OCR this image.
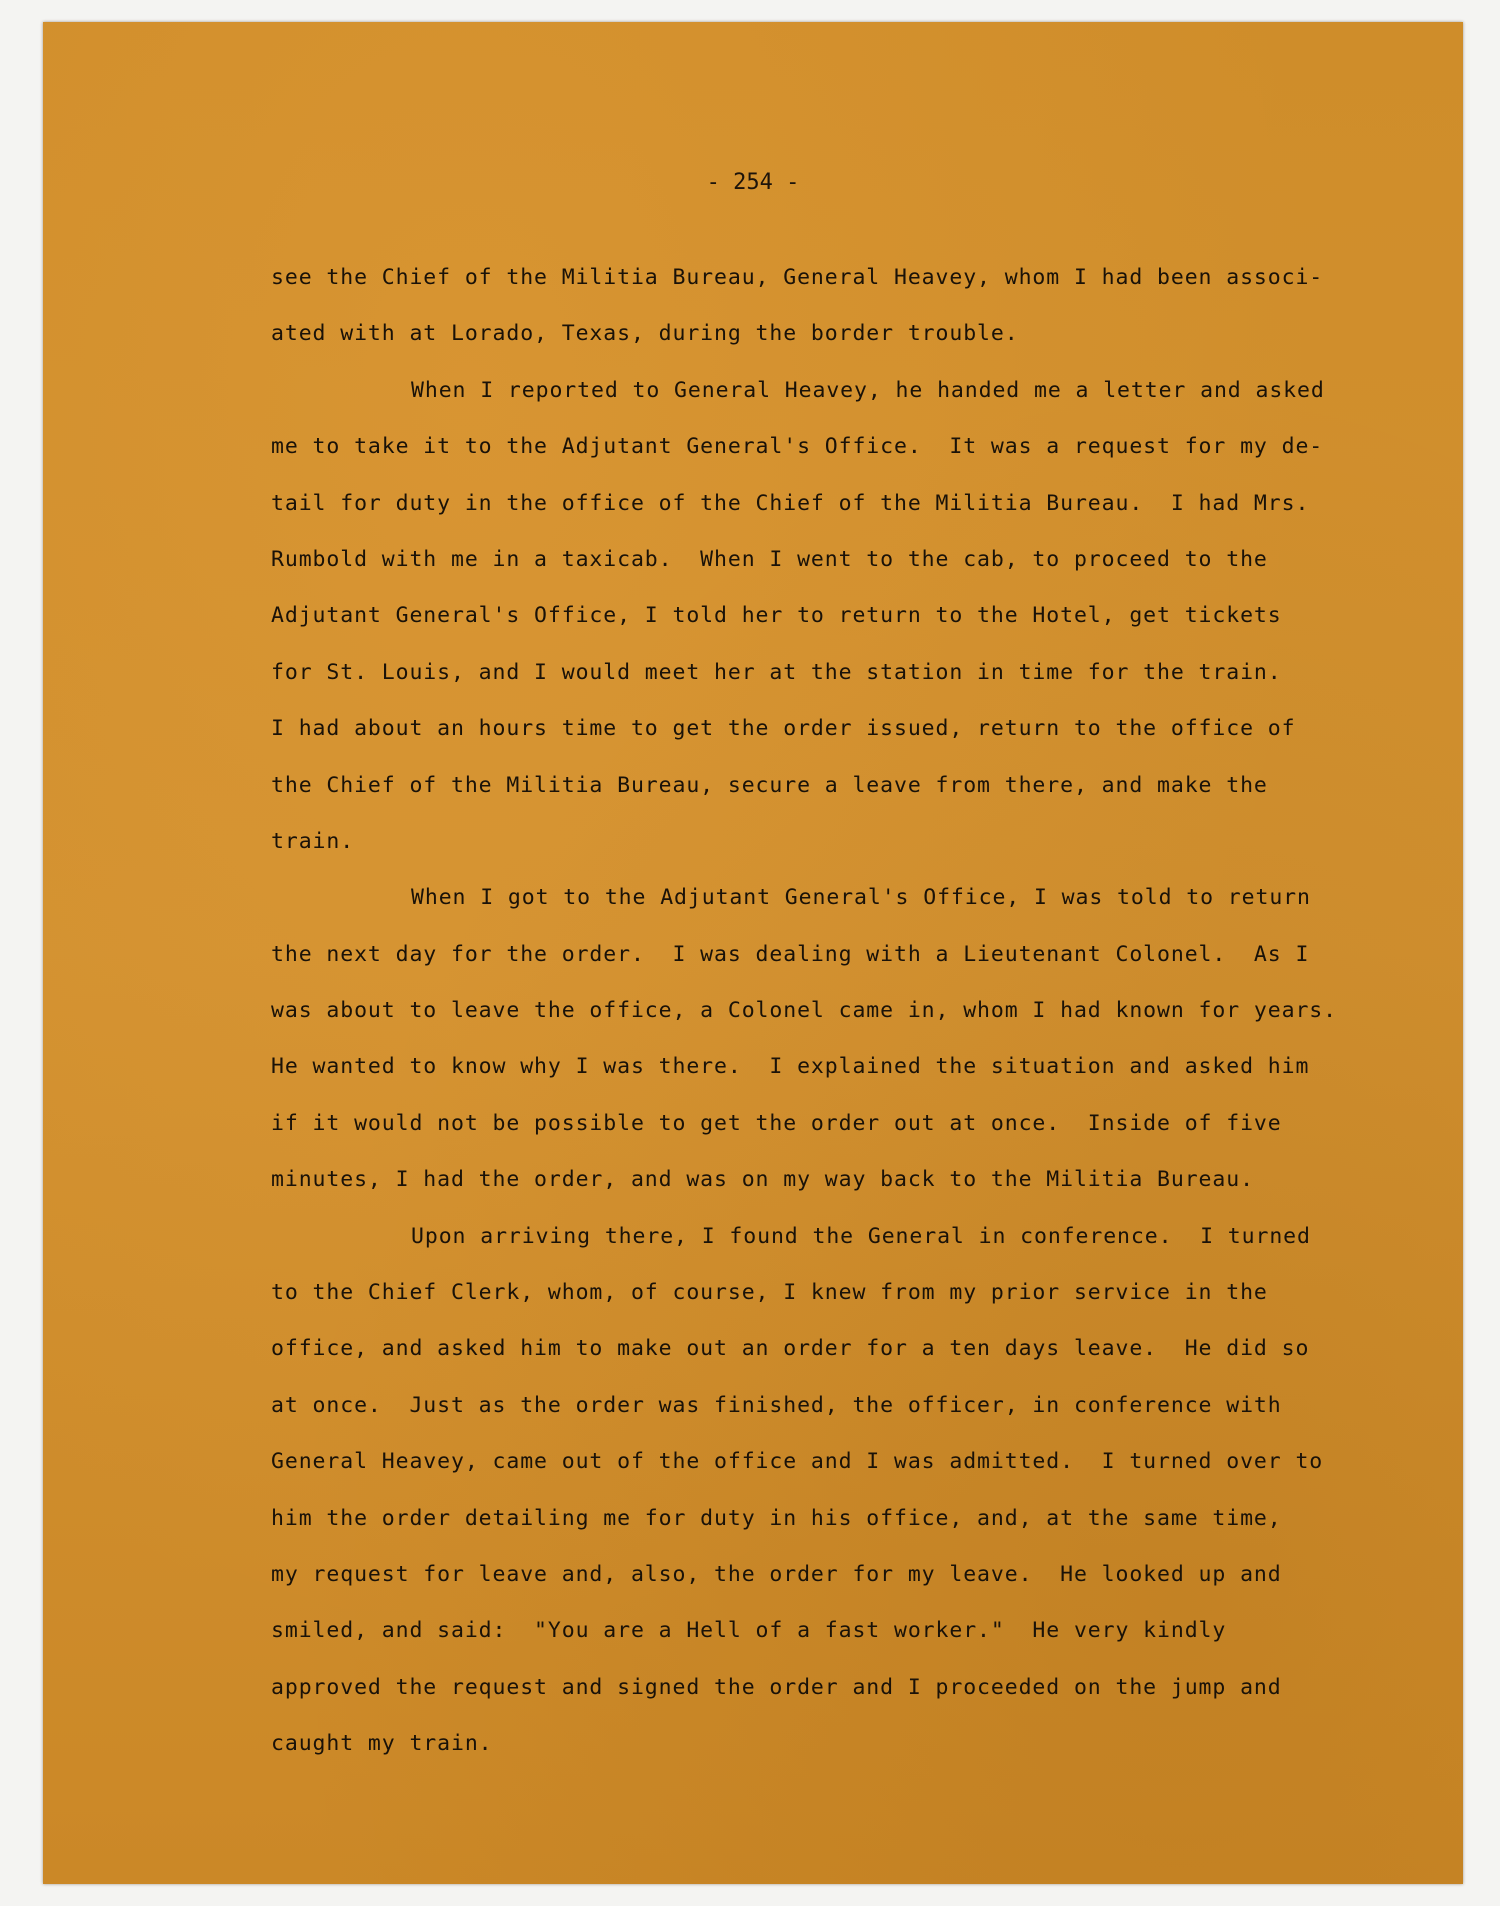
- 254 -
see the Chief of the Militia Bureau, General Heavey, whom I had been associ-
ated with at Lorado, Texas, during the border trouble.
When I reported to General Heavey, he handed me a letter and asked
me to take it to the Adjutant General's Office.  It was a request for my de-
tail for duty in the office of the Chief of the Militia Bureau.  I had Mrs.
Rumbold with me in a taxicab.  When I went to the cab, to proceed to the
Adjutant General's Office, I told her to return to the Hotel, get tickets
for St. Louis, and I would meet her at the station in time for the train.
I had about an hours time to get the order issued, return to the office of
the Chief of the Militia Bureau, secure a leave from there, and make the
train.
When I got to the Adjutant General's Office, I was told to return
the next day for the order.  I was dealing with a Lieutenant Colonel.  As I
was about to leave the office, a Colonel came in, whom I had known for years.
He wanted to know why I was there.  I explained the situation and asked him
if it would not be possible to get the order out at once.  Inside of five
minutes, I had the order, and was on my way back to the Militia Bureau.
Upon arriving there, I found the General in conference.  I turned
to the Chief Clerk, whom, of course, I knew from my prior service in the
office, and asked him to make out an order for a ten days leave.  He did so
at once.  Just as the order was finished, the officer, in conference with
General Heavey, came out of the office and I was admitted.  I turned over to
him the order detailing me for duty in his office, and, at the same time,
my request for leave and, also, the order for my leave.  He looked up and
smiled, and said:  "You are a Hell of a fast worker."  He very kindly
approved the request and signed the order and I proceeded on the jump and
caught my train.
